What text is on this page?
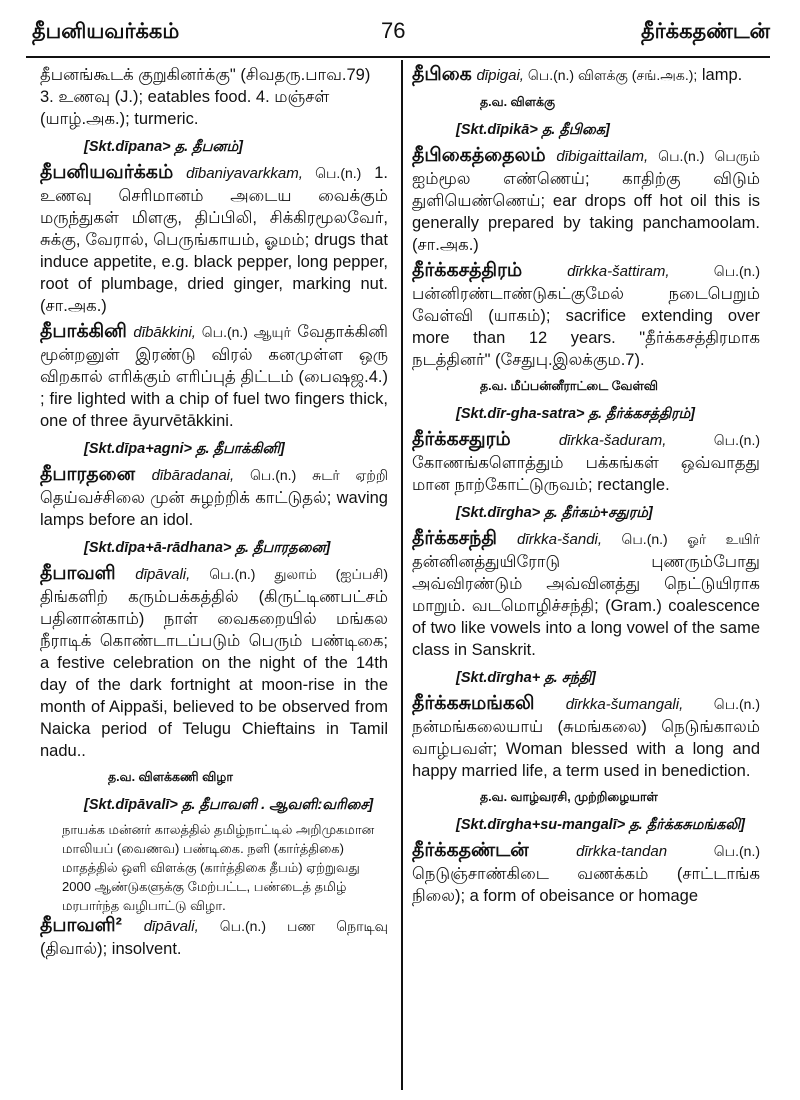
தீபனியவர்க்கம்	76	தீர்க்கதண்டன்

தீபனங்கூடக் குறுகினர்க்கு" (சிவதரு.பாவ.79)

3. உணவு (J.); eatables food. 4. மஞ்சள்

(யாழ்.அக.); turmeric.

[Skt.dīpana> த. தீபனம்]

தீபனியவர்க்கம் dībaniyavarkkam, பெ.(n.) 1. உணவு செரிமானம் அடைய வைக்கும் மருந்துகள் மிளகு, திப்பிலி, சிக்கிரமூலவேர், சுக்கு, வேரால், பெருங்காயம், ஓமம்; drugs that induce appetite, e.g. black pepper, long pepper, root of plumbage, dried ginger, marking nut. (சா.அக.)

தீபாக்கினி dībākkini, பெ.(n.) ஆயுர் வேதாக்கினி மூன்றனுள் இரண்டு விரல் கனமுள்ள ஒரு விறகால் எரிக்கும் எரிப்புத் திட்டம் (பைஷஜ.4.) ; fire lighted with a chip of fuel two fingers thick, one of three āyurvētākkini.

[Skt.dīpa+agni> த. தீபாக்கினி]

தீபாரதனை dībāradanai, பெ.(n.) சுடர் ஏற்றி தெய்வச்சிலை முன் சுழற்றிக் காட்டுதல்; waving lamps before an idol.

[Skt.dīpa+ā-rādhana> த. தீபாரதனை]

தீபாவளி dīpāvali, பெ.(n.) துலாம் (ஐப்பசி) திங்களிற் கரும்பக்கத்தில் (கிருட்டிணபட்சம் பதினான்காம்) நாள் வைகறையில் மங்கல நீராடிக் கொண்டாடப்படும் பெரும் பண்டிகை; a festive celebration on the night of the 14th day of the dark fortnight at moon-rise in the month of Aippaši, believed to be observed from Naicka period of Telugu Chieftains in Tamil nadu..

த.வ. விளக்கணி விழா
[Skt.dīpāvalī> த. தீபாவளி . ஆவளி:வரிசை]
நாயக்க மன்னர் காலத்தில் தமிழ்நாட்டில் அறிமுகமான மாலியப் (வைணவ) பண்டிகை. நளி (கார்த்திகை) மாதத்தில் ஒளி விளக்கு (கார்த்திகை தீபம்) ஏற்றுவது 2000 ஆண்டுகளுக்கு மேற்பட்ட, பண்டைத் தமிழ் மரபார்ந்த வழிபாட்டு விழா.

தீபாவளி² dīpāvali, பெ.(n.) பண நொடிவு (திவால்); insolvent.

தீபிகை dīpigai, பெ.(n.) விளக்கு (சங்.அக.); lamp.

த.வ. விளக்கு
[Skt.dīpikā> த. தீபிகை]

தீபிகைத்தைலம் dībigaittailam, பெ.(n.) பெரும் ஐம்மூல எண்ணெய்; காதிற்கு விடும் துளியெண்ணெய்; ear drops off hot oil this is generally prepared by taking panchamoolam. (சா.அக.)

தீர்க்கசத்திரம்	dīrkka-šattiram, பெ.(n.) பன்னிரண்டாண்டுகட்குமேல் நடைபெறும் வேள்வி (யாகம்); sacrifice extending over more than 12 years. "தீர்க்கசத்திரமாக நடத்தினர்" (சேதுபு.இலக்கும.7).

த.வ. மீப்பன்னீராட்டை வேள்வி
[Skt.dīr-gha-satra> த. தீர்க்கசத்திரம்]

தீர்க்கசதுரம்	dīrkka-šaduram, பெ.(n.) கோணங்களொத்தும் பக்கங்கள் ஒவ்வாதது மான நாற்கோட்டுருவம்; rectangle.

[Skt.dīrgha> த. தீர்கம்+சதுரம்]

தீர்க்கசந்தி dīrkka-šandi, பெ.(n.) ஓர் உயிர் தன்னினத்துயிரோடு புணரும்போது அவ்விரண்டும் அவ்வினத்து நெட்டுயிராக மாறும். வடமொழிச்சந்தி; (Gram.) coalescence of two like vowels into a long vowel of the same class in Sanskrit.

[Skt.dīrgha+ த. சந்தி]

தீர்க்கசுமங்கலி dīrkka-šumangali, பெ.(n.) நன்மங்கலையாய் (சுமங்கலை) நெடுங்காலம் வாழ்பவள்; Woman blessed with a long and happy married life, a term used in benediction.

த.வ. வாழ்வரசி, முற்றிழையாள்
[Skt.dīrgha+su-mangalī> த. தீர்க்கசுமங்கலி]

தீர்க்கதண்டன்	dīrkka-tandan பெ.(n.) நெடுஞ்சாண்கிடை வணக்கம் (சாட்டாங்க நிலை); a form of obeisance or homage
